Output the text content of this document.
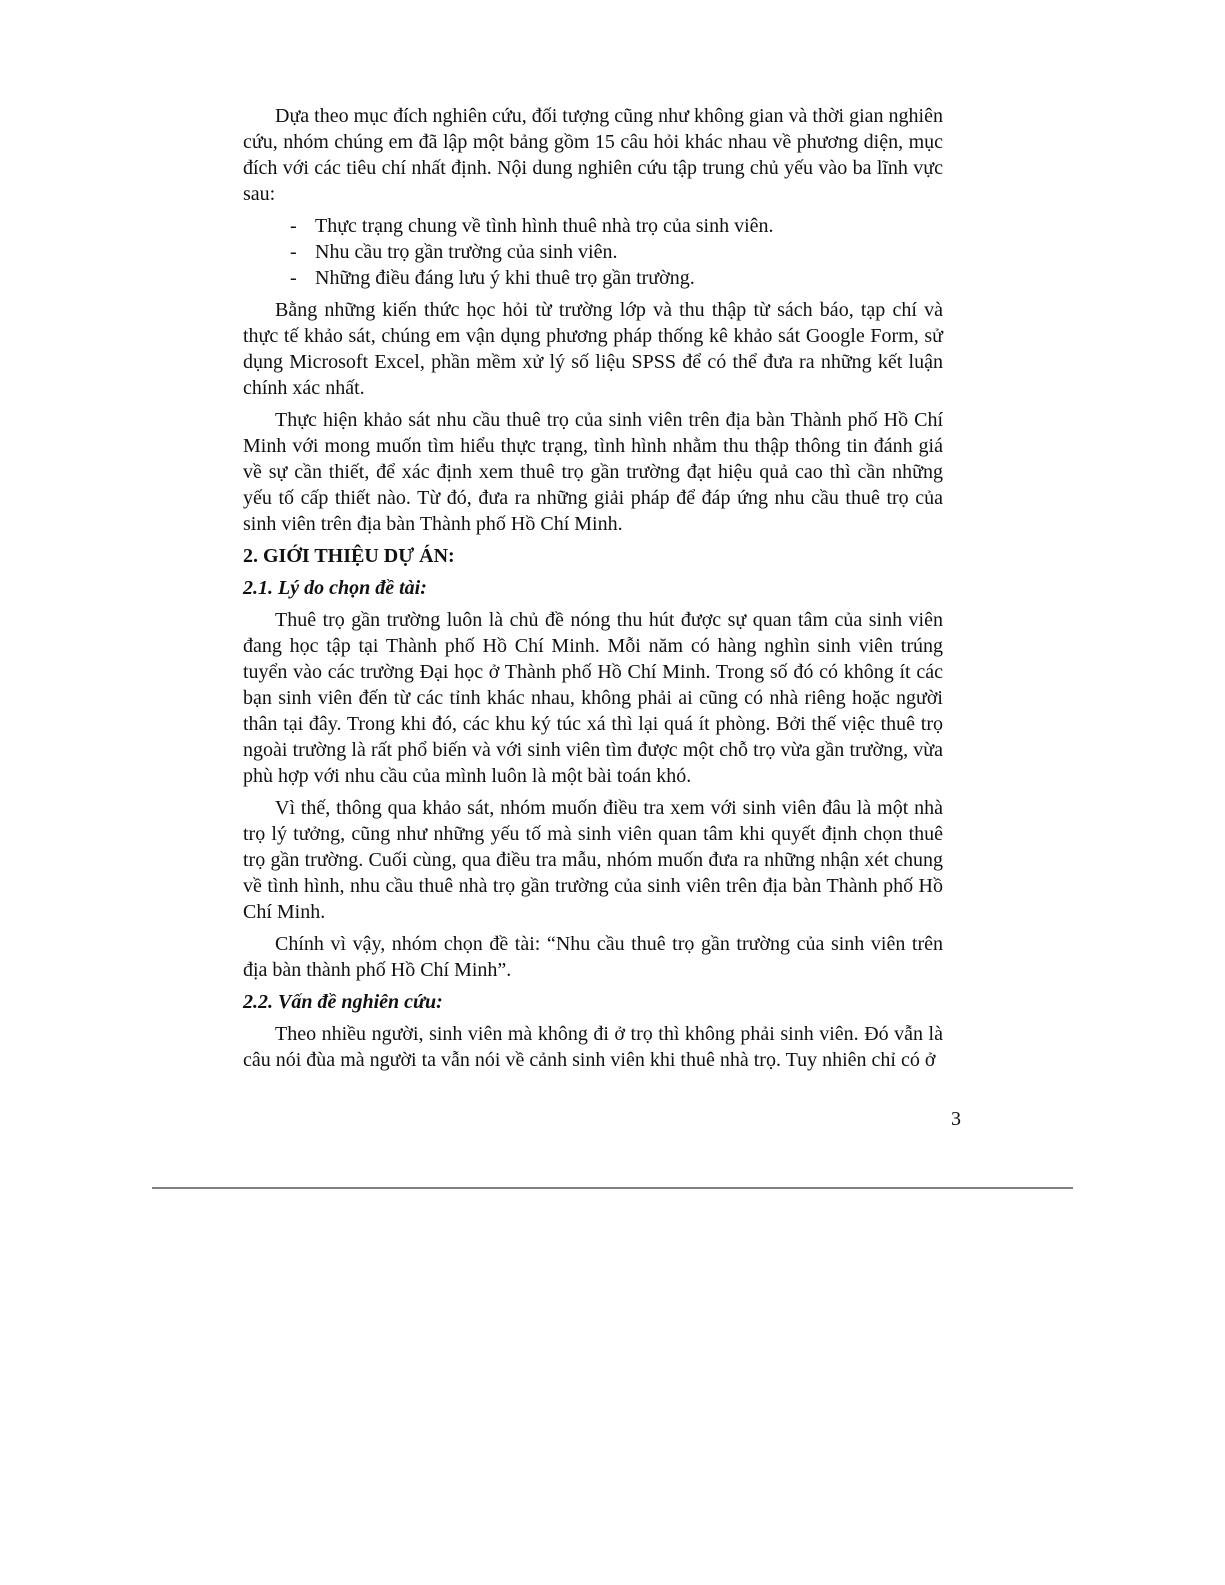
Dựa theo mục đích nghiên cứu, đối tượng cũng như không gian và thời gian nghiên cứu, nhóm chúng em đã lập một bảng gồm 15 câu hỏi khác nhau về phương diện, mục đích với các tiêu chí nhất định. Nội dung nghiên cứu tập trung chủ yếu vào ba lĩnh vực sau:
- Thực trạng chung về tình hình thuê nhà trọ của sinh viên.
- Nhu cầu trọ gần trường của sinh viên.
- Những điều đáng lưu ý khi thuê trọ gần trường.
Bằng những kiến thức học hỏi từ trường lớp và thu thập từ sách báo, tạp chí và thực tế khảo sát, chúng em vận dụng phương pháp thống kê khảo sát Google Form, sử dụng Microsoft Excel, phần mềm xử lý số liệu SPSS để có thể đưa ra những kết luận chính xác nhất.
Thực hiện khảo sát nhu cầu thuê trọ của sinh viên trên địa bàn Thành phố Hồ Chí Minh với mong muốn tìm hiểu thực trạng, tình hình nhằm thu thập thông tin đánh giá về sự cần thiết, để xác định xem thuê trọ gần trường đạt hiệu quả cao thì cần những yếu tố cấp thiết nào. Từ đó, đưa ra những giải pháp để đáp ứng nhu cầu thuê trọ của sinh viên trên địa bàn Thành phố Hồ Chí Minh.
2. GIỚI THIỆU DỰ ÁN:
2.1. Lý do chọn đề tài:
Thuê trọ gần trường luôn là chủ đề nóng thu hút được sự quan tâm của sinh viên đang học tập tại Thành phố Hồ Chí Minh. Mỗi năm có hàng nghìn sinh viên trúng tuyển vào các trường Đại học ở Thành phố Hồ Chí Minh. Trong số đó có không ít các bạn sinh viên đến từ các tỉnh khác nhau, không phải ai cũng có nhà riêng hoặc người thân tại đây. Trong khi đó, các khu ký túc xá thì lại quá ít phòng. Bởi thế việc thuê trọ ngoài trường là rất phổ biến và với sinh viên tìm được một chỗ trọ vừa gần trường, vừa phù hợp với nhu cầu của mình luôn là một bài toán khó.
Vì thế, thông qua khảo sát, nhóm muốn điều tra xem với sinh viên đâu là một nhà trọ lý tưởng, cũng như những yếu tố mà sinh viên quan tâm khi quyết định chọn thuê trọ gần trường. Cuối cùng, qua điều tra mẫu, nhóm muốn đưa ra những nhận xét chung về tình hình, nhu cầu thuê nhà trọ gần trường của sinh viên trên địa bàn Thành phố Hồ Chí Minh.
Chính vì vậy, nhóm chọn đề tài: “Nhu cầu thuê trọ gần trường của sinh viên trên địa bàn thành phố Hồ Chí Minh”.
2.2. Vấn đề nghiên cứu:
Theo nhiều người, sinh viên mà không đi ở trọ thì không phải sinh viên. Đó vẫn là câu nói đùa mà người ta vẫn nói về cảnh sinh viên khi thuê nhà trọ. Tuy nhiên chỉ có ở
3
